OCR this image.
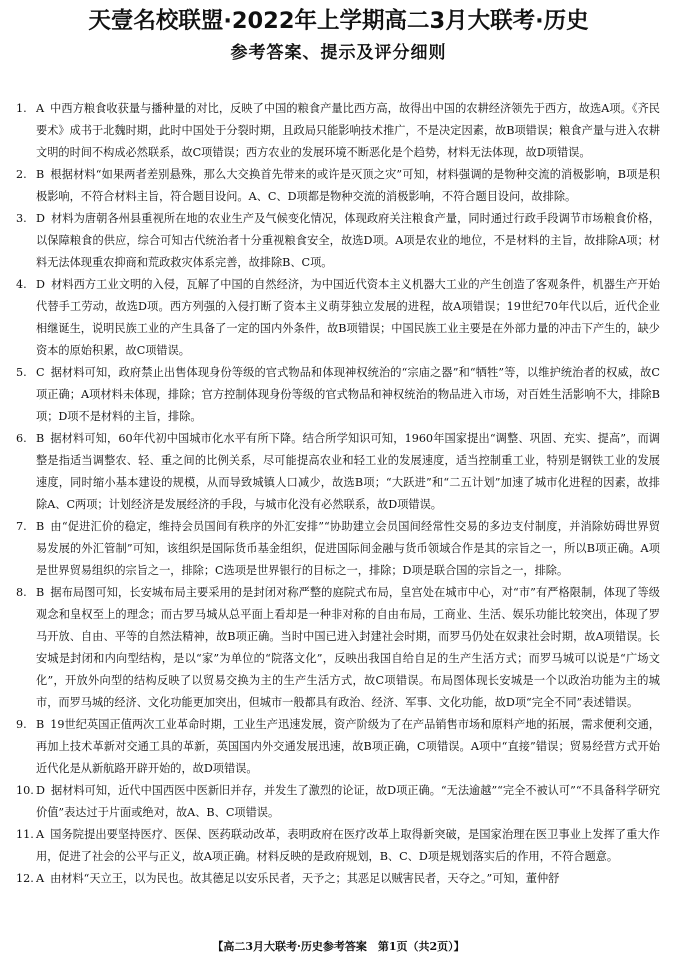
天壹名校联盟·2022年上学期高二3月大联考·历史
参考答案、提示及评分细则

1. A 中西方粮食收获量与播种量的对比，反映了中国的粮食产量比西方高，故得出中国的农耕经济领先于西方，故选A项。《齐民要术》成书于北魏时期，此时中国处于分裂时期，且政局只能影响技术推广，不是决定因素，故B项错误；粮食产量与进入农耕文明的时间不构成必然联系，故C项错误；西方农业的发展环境不断恶化是个趋势，材料无法体现，故D项错误。

2. B 根据材料“如果两者差别悬殊，那么大交换首先带来的或许是灭顶之灾”可知，材料强调的是物种交流的消极影响，B项是积极影响，不符合材料主旨，符合题目设问。A、C、D项都是物种交流的消极影响，不符合题目设问，故排除。

3. D 材料为唐朝各州县重视所在地的农业生产及气候变化情况，体现政府关注粮食产量，同时通过行政手段调节市场粮食价格，以保障粮食的供应，综合可知古代统治者十分重视粮食安全，故选D项。A项是农业的地位，不是材料的主旨，故排除A项；材料无法体现重农抑商和荒政救灾体系完善，故排除B、C项。

4. D 材料西方工业文明的入侵，瓦解了中国的自然经济，为中国近代资本主义机器大工业的产生创造了客观条件，机器生产开始代替手工劳动，故选D项。西方列强的入侵打断了资本主义萌芽独立发展的进程，故A项错误；19世纪70年代以后，近代企业相继诞生，说明民族工业的产生具备了一定的国内外条件，故B项错误；中国民族工业主要是在外部力量的冲击下产生的，缺少资本的原始积累，故C项错误。

5. C 据材料可知，政府禁止出售体现身份等级的官式物品和体现神权统治的“宗庙之器”和“牺牲”等，以维护统治者的权威，故C项正确；A项材料未体现，排除；官方控制体现身份等级的官式物品和神权统治的物品进入市场，对百姓生活影响不大，排除B项；D项不是材料的主旨，排除。

6. B 据材料可知，60年代初中国城市化水平有所下降。结合所学知识可知，1960年国家提出“调整、巩固、充实、提高”，而调整是指适当调整农、轻、重之间的比例关系，尽可能提高农业和轻工业的发展速度，适当控制重工业，特别是钢铁工业的发展速度，同时缩小基本建设的规模，从而导致城镇人口减少，故选B项；“大跃进”和“二五计划”加速了城市化进程的因素，故排除A、C两项；计划经济是发展经济的手段，与城市化没有必然联系，故D项错误。

7. B 由“促进汇价的稳定，维持会员国间有秩序的外汇安排”“协助建立会员国间经常性交易的多边支付制度，并消除妨碍世界贸易发展的外汇管制”可知，该组织是国际货币基金组织，促进国际间金融与货币领域合作是其的宗旨之一，所以B项正确。A项是世界贸易组织的宗旨之一，排除；C选项是世界银行的目标之一，排除；D项是联合国的宗旨之一，排除。

8. B 据布局图可知，长安城布局主要采用的是封闭对称严整的庭院式布局，皇宫处在城市中心，对“市”有严格限制，体现了等级观念和皇权至上的理念；而古罗马城从总平面上看却是一种非对称的自由布局，工商业、生活、娱乐功能比较突出，体现了罗马开放、自由、平等的自然法精神，故B项正确。当时中国已进入封建社会时期，而罗马仍处在奴隶社会时期，故A项错误。长安城是封闭和内向型结构，是以“家”为单位的“院落文化”，反映出我国自给自足的生产生活方式；而罗马城可以说是“广场文化”，开放外向型的结构反映了以贸易交换为主的生产生活方式，故C项错误。布局图体现长安城是一个以政治功能为主的城市，而罗马城的经济、文化功能更加突出，但城市一般都具有政治、经济、军事、文化功能，故D项“完全不同”表述错误。

9. B 19世纪英国正值两次工业革命时期，工业生产迅速发展，资产阶级为了在产品销售市场和原料产地的拓展，需求便利交通，再加上技术革新对交通工具的革新，英国国内外交通发展迅速，故B项正确，C项错误。A项中“直接”错误；贸易经营方式开始近代化是从新航路开辟开始的，故D项错误。

10. D 据材料可知，近代中国西医中医新旧并存，并发生了激烈的论证，故D项正确。“无法逾越”“完全不被认可”“不具备科学研究价值”表达过于片面或绝对，故A、B、C项错误。

11. A 国务院提出要坚持医疗、医保、医药联动改革，表明政府在医疗改革上取得新突破，是国家治理在医卫事业上发挥了重大作用，促进了社会的公平与正义，故A项正确。材料反映的是政府规划，B、C、D项是规划落实后的作用，不符合题意。

12. A 由材料“天立王，以为民也。故其德足以安乐民者，天予之；其恶足以贼害民者，天夺之。”可知，董仲舒

【高二3月大联考·历史参考答案　第1页（共2页）】
